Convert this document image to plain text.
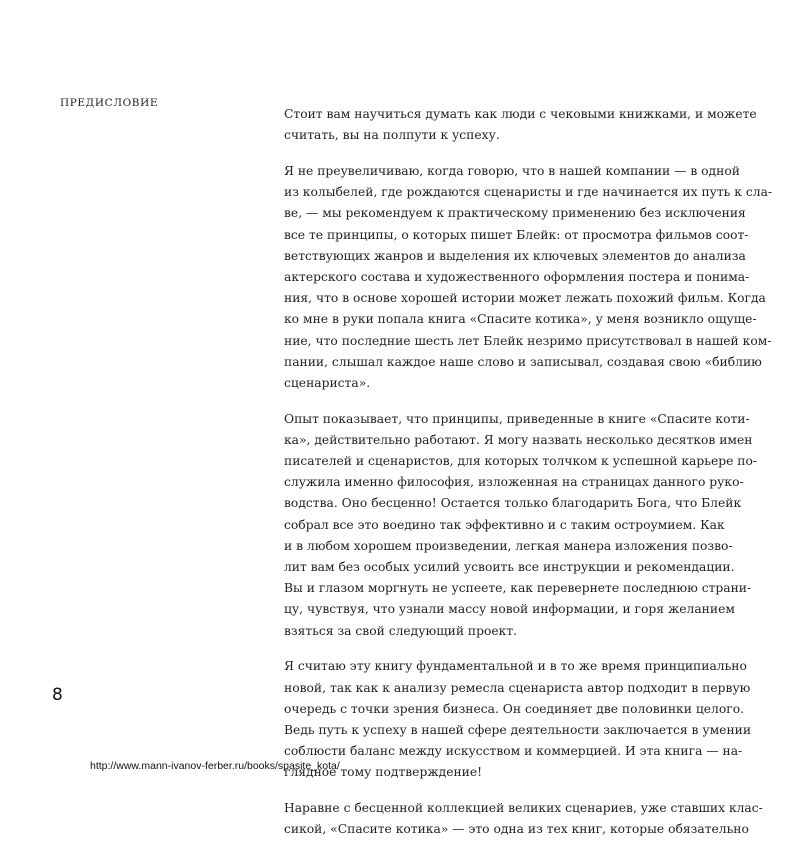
ПРЕДИСЛОВИЕ

Стоит вам научиться думать как люди с чековыми книжками, и можете
считать, вы на полпути к успеху.

Я не преувеличиваю, когда говорю, что в нашей компании — в одной
из колыбелей, где рождаются сценаристы и где начинается их путь к сла-
ве, — мы рекомендуем к практическому применению без исключения
все те принципы, о которых пишет Блейк: от просмотра фильмов соот-
ветствующих жанров и выделения их ключевых элементов до анализа
актерского состава и художественного оформления постера и понима-
ния, что в основе хорошей истории может лежать похожий фильм. Когда
ко мне в руки попала книга «Спасите котика», у меня возникло ощуще-
ние, что последние шесть лет Блейк незримо присутствовал в нашей ком-
пании, слышал каждое наше слово и записывал, создавая свою «библию
сценариста».

Опыт показывает, что принципы, приведенные в книге «Спасите коти-
ка», действительно работают. Я могу назвать несколько десятков имен
писателей и сценаристов, для которых толчком к успешной карьере по-
служила именно философия, изложенная на страницах данного руко-
водства. Оно бесценно! Остается только благодарить Бога, что Блейк
собрал все это воедино так эффективно и с таким остроумием. Как
и в любом хорошем произведении, легкая манера изложения позво-
лит вам без особых усилий усвоить все инструкции и рекомендации.
Вы и глазом моргнуть не успеете, как перевернете последнюю страни-
цу, чувствуя, что узнали массу новой информации, и горя желанием
взяться за свой следующий проект.

Я считаю эту книгу фундаментальной и в то же время принципиально
новой, так как к анализу ремесла сценариста автор подходит в первую
очередь с точки зрения бизнеса. Он соединяет две половинки целого.
Ведь путь к успеху в нашей сфере деятельности заключается в умении
соблюсти баланс между искусством и коммерцией. И эта книга — на-
глядное тому подтверждение!

Наравне с бесценной коллекцией великих сценариев, уже ставших клас-
сикой, «Спасите котика» — это одна из тех книг, которые обязательно

8
http://www.mann-ivanov-ferber.ru/books/spasite_kota/
